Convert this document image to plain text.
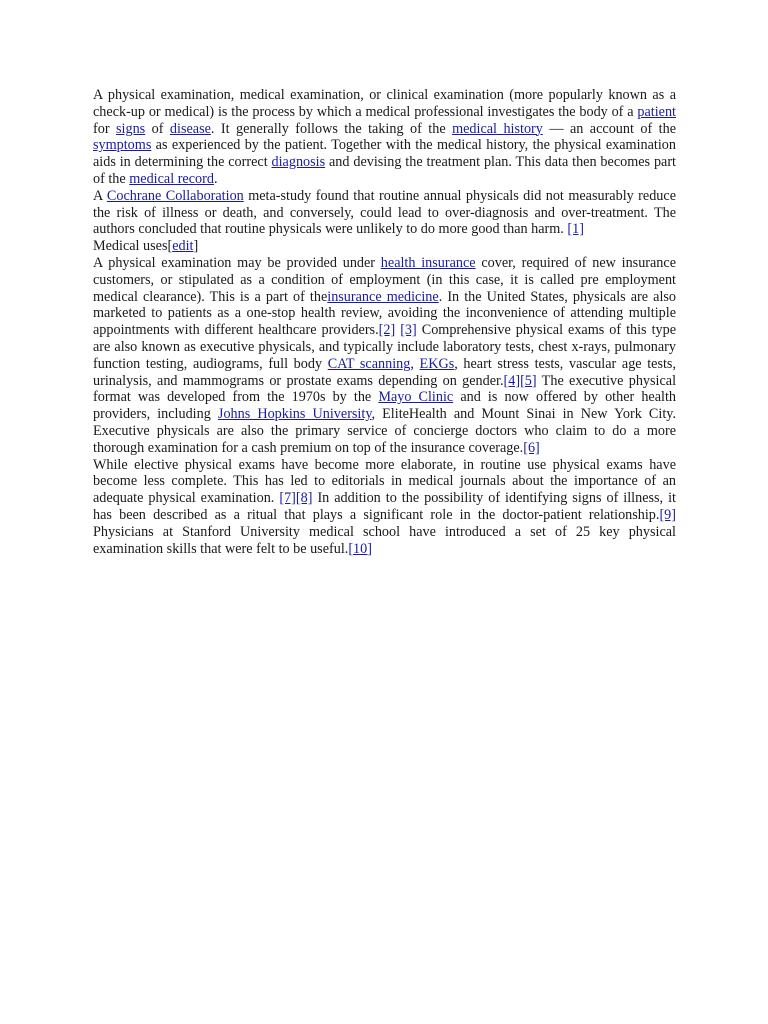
A physical examination, medical examination, or clinical examination (more popularly known as a check-up or medical) is the process by which a medical professional investigates the body of a patient for signs of disease. It generally follows the taking of the medical history — an account of the symptoms as experienced by the patient. Together with the medical history, the physical examination aids in determining the correct diagnosis and devising the treatment plan. This data then becomes part of the medical record.

A Cochrane Collaboration meta-study found that routine annual physicals did not measurably reduce the risk of illness or death, and conversely, could lead to over-diagnosis and over-treatment. The authors concluded that routine physicals were unlikely to do more good than harm. [1]

Medical uses[edit]

A physical examination may be provided under health insurance cover, required of new insurance customers, or stipulated as a condition of employment (in this case, it is called pre employment medical clearance). This is a part of theinsurance medicine. In the United States, physicals are also marketed to patients as a one-stop health review, avoiding the inconvenience of attending multiple appointments with different healthcare providers.[2] [3] Comprehensive physical exams of this type are also known as executive physicals, and typically include laboratory tests, chest x-rays, pulmonary function testing, audiograms, full body CAT scanning, EKGs, heart stress tests, vascular age tests, urinalysis, and mammograms or prostate exams depending on gender.[4][5] The executive physical format was developed from the 1970s by the Mayo Clinic and is now offered by other health providers, including Johns Hopkins University, EliteHealth and Mount Sinai in New York City. Executive physicals are also the primary service of concierge doctors who claim to do a more thorough examination for a cash premium on top of the insurance coverage.[6]

While elective physical exams have become more elaborate, in routine use physical exams have become less complete. This has led to editorials in medical journals about the importance of an adequate physical examination. [7][8] In addition to the possibility of identifying signs of illness, it has been described as a ritual that plays a significant role in the doctor-patient relationship.[9] Physicians at Stanford University medical school have introduced a set of 25 key physical examination skills that were felt to be useful.[10]
